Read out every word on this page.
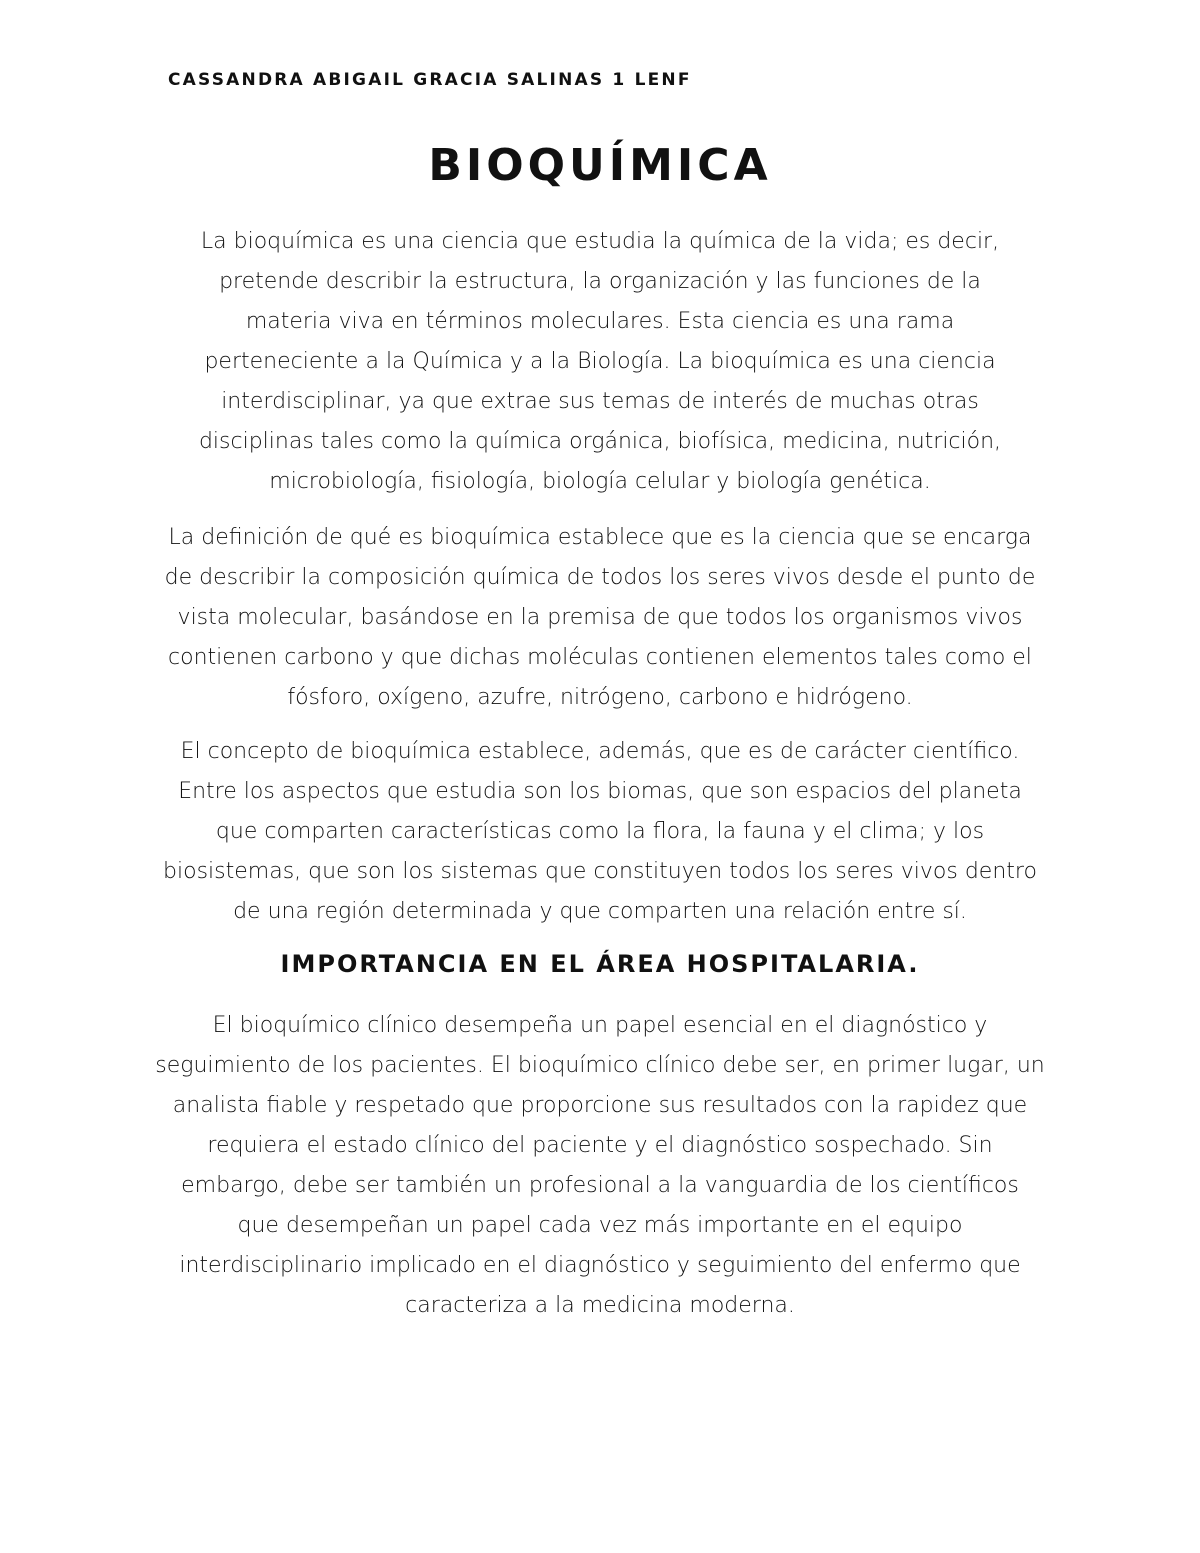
CASSANDRA ABIGAIL GRACIA SALINAS 1 LENF
BIOQUÍMICA

La bioquímica es una ciencia que estudia la química de la vida; es decir,
pretende describir la estructura, la organización y las funciones de la
materia viva en términos moleculares. Esta ciencia es una rama
perteneciente a la Química y a la Biología. La bioquímica es una ciencia
interdisciplinar, ya que extrae sus temas de interés de muchas otras
disciplinas tales como la química orgánica, biofísica, medicina, nutrición,
microbiología, fisiología, biología celular y biología genética.

La definición de qué es bioquímica establece que es la ciencia que se encarga
de describir la composición química de todos los seres vivos desde el punto de
vista molecular, basándose en la premisa de que todos los organismos vivos
contienen carbono y que dichas moléculas contienen elementos tales como el
fósforo, oxígeno, azufre, nitrógeno, carbono e hidrógeno.

El concepto de bioquímica establece, además, que es de carácter científico.
Entre los aspectos que estudia son los biomas, que son espacios del planeta
que comparten características como la flora, la fauna y el clima; y los
biosistemas, que son los sistemas que constituyen todos los seres vivos dentro
de una región determinada y que comparten una relación entre sí.

IMPORTANCIA EN EL ÁREA HOSPITALARIA.

El bioquímico clínico desempeña un papel esencial en el diagnóstico y
seguimiento de los pacientes. El bioquímico clínico debe ser, en primer lugar, un
analista fiable y respetado que proporcione sus resultados con la rapidez que
requiera el estado clínico del paciente y el diagnóstico sospechado. Sin
embargo, debe ser también un profesional a la vanguardia de los científicos
que desempeñan un papel cada vez más importante en el equipo
interdisciplinario implicado en el diagnóstico y seguimiento del enfermo que
caracteriza a la medicina moderna.
